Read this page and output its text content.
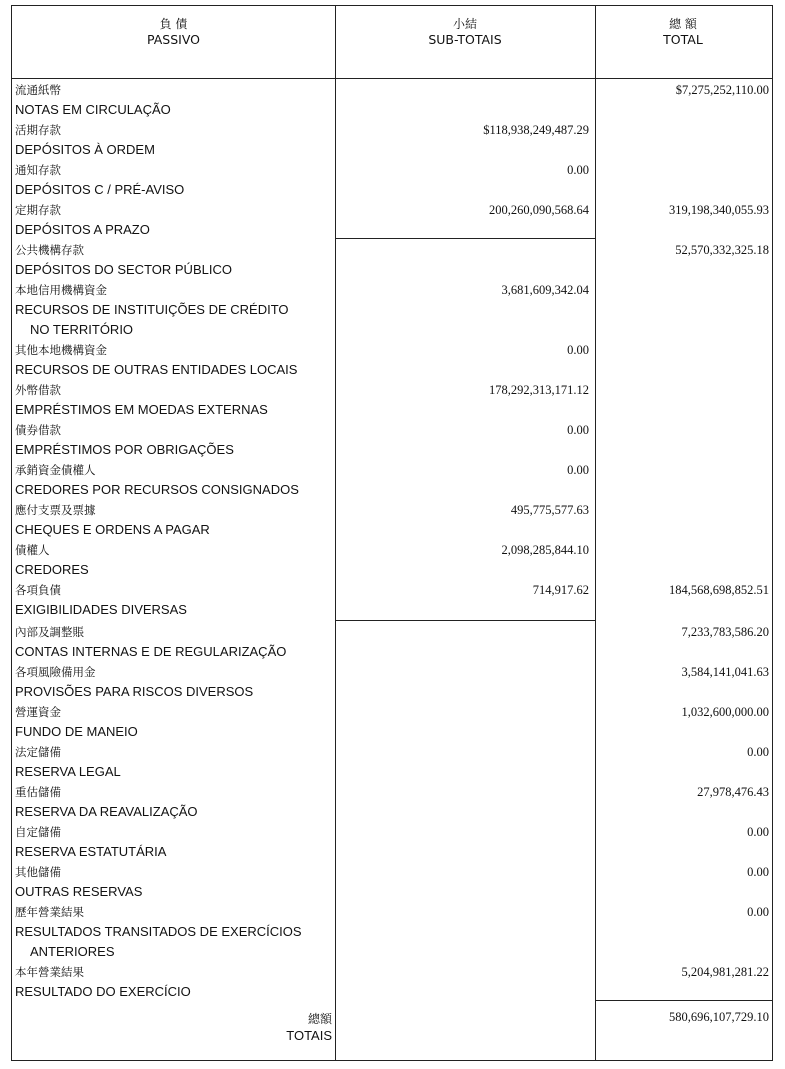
負 債
PASSIVO
小結
SUB-TOTAIS
總 額
TOTAL
流通紙幣
NOTAS EM CIRCULAÇÃO
$7,275,252,110.00
活期存款
DEPÓSITOS À ORDEM
$118,938,249,487.29
通知存款
DEPÓSITOS C / PRÉ-AVISO
0.00
定期存款
DEPÓSITOS A PRAZO
200,260,090,568.64	319,198,340,055.93
公共機構存款
DEPÓSITOS DO SECTOR PÚBLICO
52,570,332,325.18
本地信用機構資金
RECURSOS DE INSTITUIÇÕES DE CRÉDITO
NO TERRITÓRIO
3,681,609,342.04
其他本地機構資金
RECURSOS DE OUTRAS ENTIDADES LOCAIS
0.00
外幣借款
EMPRÉSTIMOS EM MOEDAS EXTERNAS
178,292,313,171.12
債券借款
EMPRÉSTIMOS POR OBRIGAÇÕES
0.00
承銷資金債權人
CREDORES POR RECURSOS CONSIGNADOS
0.00
應付支票及票據
CHEQUES E ORDENS A PAGAR
495,775,577.63
債權人
CREDORES
2,098,285,844.10
各項負債
EXIGIBILIDADES DIVERSAS
714,917.62	184,568,698,852.51
內部及調整賬
CONTAS INTERNAS E DE REGULARIZAÇÃO
7,233,783,586.20
各項風險備用金
PROVISÕES PARA RISCOS DIVERSOS
3,584,141,041.63
營運資金
FUNDO DE MANEIO
1,032,600,000.00
法定儲備
RESERVA LEGAL
0.00
重估儲備
RESERVA DA REAVALIZAÇÃO
27,978,476.43
自定儲備
RESERVA ESTATUTÁRIA
0.00
其他儲備
OUTRAS RESERVAS
0.00
歷年營業結果
RESULTADOS TRANSITADOS DE EXERCÍCIOS
ANTERIORES
0.00
本年營業結果
RESULTADO DO EXERCÍCIO
5,204,981,281.22
總額
TOTAIS
580,696,107,729.10
